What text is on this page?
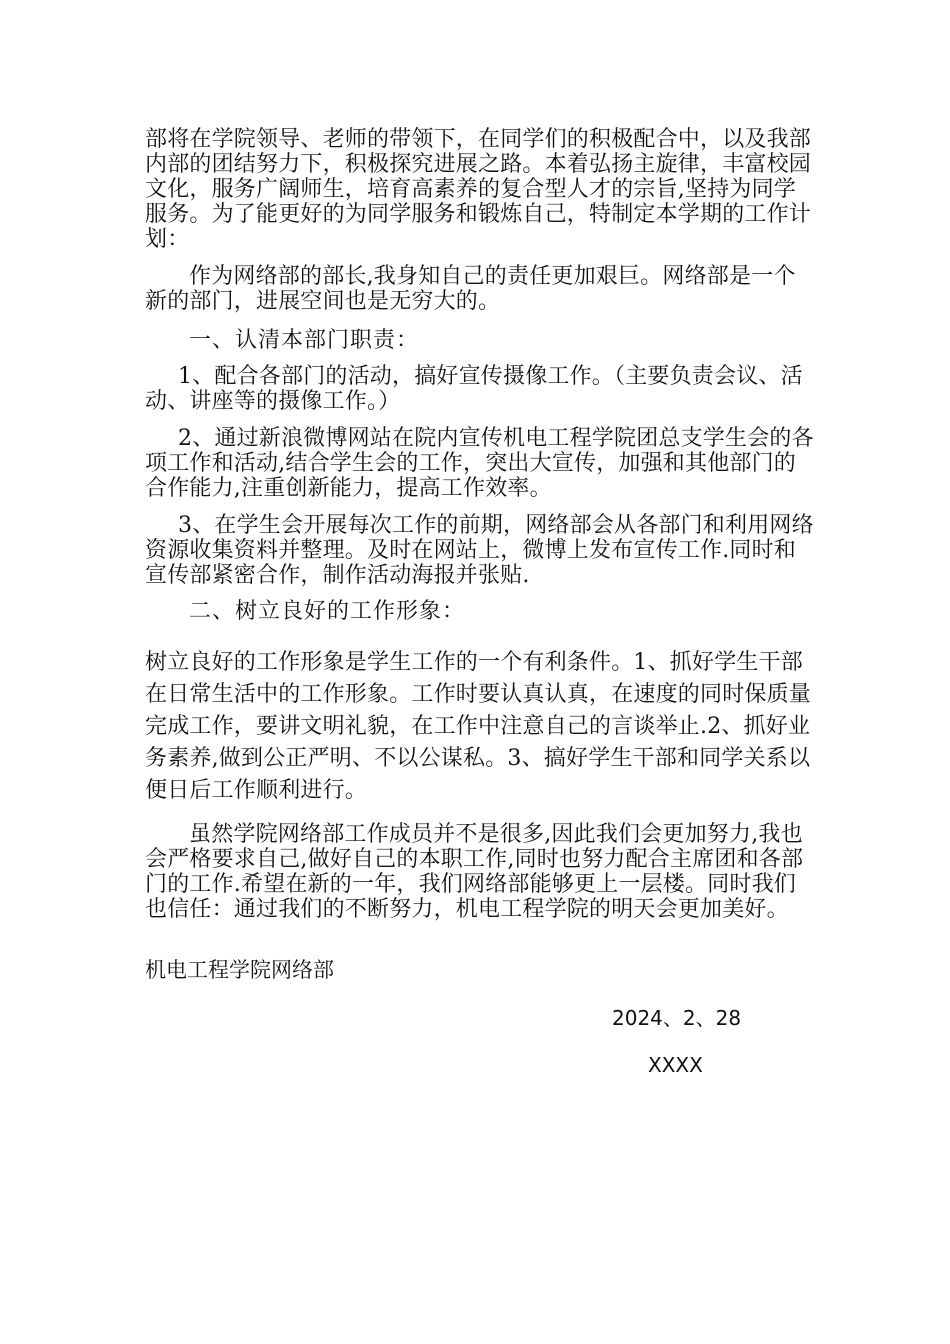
部将在学院领导、老师的带领下，在同学们的积极配合中，以及我部内部的团结努力下，积极探究进展之路。本着弘扬主旋律，丰富校园文化，服务广阔师生，培育高素养的复合型人才的宗旨,坚持为同学服务。为了能更好的为同学服务和锻炼自己，特制定本学期的工作计划：

作为网络部的部长,我身知自己的责任更加艰巨。网络部是一个新的部门，进展空间也是无穷大的。

一、认清本部门职责：

1、配合各部门的活动，搞好宣传摄像工作。（主要负责会议、活动、讲座等的摄像工作。）

2、通过新浪微博网站在院内宣传机电工程学院团总支学生会的各项工作和活动,结合学生会的工作，突出大宣传，加强和其他部门的合作能力,注重创新能力，提高工作效率。

3、在学生会开展每次工作的前期，网络部会从各部门和利用网络资源收集资料并整理。及时在网站上，微博上发布宣传工作.同时和宣传部紧密合作，制作活动海报并张贴.

二、树立良好的工作形象：

树立良好的工作形象是学生工作的一个有利条件。1、抓好学生干部在日常生活中的工作形象。工作时要认真认真，在速度的同时保质量完成工作，要讲文明礼貌，在工作中注意自己的言谈举止.2、抓好业务素养,做到公正严明、不以公谋私。3、搞好学生干部和同学关系以便日后工作顺利进行。

虽然学院网络部工作成员并不是很多,因此我们会更加努力,我也会严格要求自己,做好自己的本职工作,同时也努力配合主席团和各部门的工作.希望在新的一年，我们网络部能够更上一层楼。同时我们也信任：通过我们的不断努力，机电工程学院的明天会更加美好。

机电工程学院网络部

2024、2、28

XXXX
